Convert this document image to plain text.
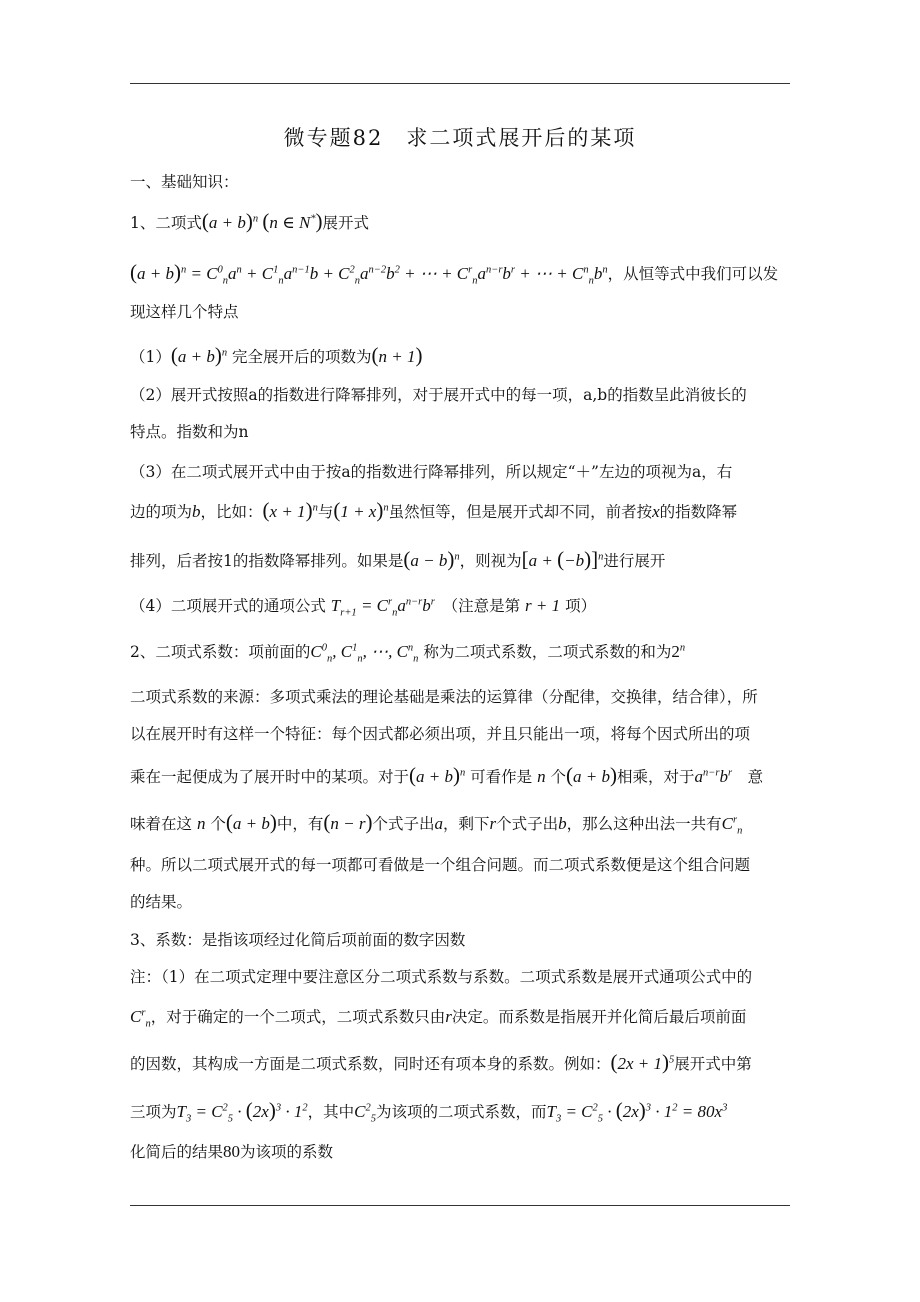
微专题82　求二项式展开后的某项
一、基础知识：
1、二项式$(a + b)^n$ (n ∈ N*)展开式
$(a + b)^n = C^0_na^n + C^1_na^{n-1}b + C^2_na^{n-2}b^2$ + ⋯ + $C^r_na^{n-r}b^r$ + ⋯ + $C^n_nb^n$，从恒等式中我们可以发
现这样几个特点
$(1)(a + b)^n$ 完全展开后的项数为(n + 1)
（2）展开式按照a的指数进行降幂排列，对于展开式中的每一项，a,b的指数呈此消彼长的
特点。指数和为n
（3）在二项式展开式中由于按a的指数进行降幂排列，所以规定“＋”左边的项视为a，右
边的项为b，比如：$(x + 1)^n$与$(1 + x)^n$虽然恒等，但是展开式却不同，前者按x的指数降幂
排列，后者按1的指数降幂排列。如果是$(a - b)^n$，则视为$[a + (-b)]^n$进行展开
（4）二项展开式的通项公式 $T_{r+1} = C^r_na^{n-r}b^r$　（注意是第 r + 1 项）
2、二项式系数：项前面的$C^0_n$, $C^1_n$, ⋯, $C^n_n$ 称为二项式系数，二项式系数的和为2$^n$
二项式系数的来源：多项式乘法的理论基础是乘法的运算律（分配律，交换律，结合律），所
以在展开时有这样一个特征：每个因式都必须出项，并且只能出一项，将每个因式所出的项
乘在一起便成为了展开时中的某项。对于$(a + b)^n$ 可看作是 n 个(a + b)相乘，对于$a^{n-r}b^r$　意
味着在这 n 个(a + b)中，有(n − r)个式子出a，剩下r个式子出b，那么这种出法一共有$C^r_n$
种。所以二项式展开式的每一项都可看做是一个组合问题。而二项式系数便是这个组合问题
的结果。
3、系数：是指该项经过化简后项前面的数字因数
注：（1）在二项式定理中要注意区分二项式系数与系数。二项式系数是展开式通项公式中的
$C^r_n$，对于确定的一个二项式，二项式系数只由r决定。而系数是指展开并化简后最后项前面
的因数，其构成一方面是二项式系数，同时还有项本身的系数。例如：$(2x + 1)^5$展开式中第
三项为$T_3 = C^2_5 \cdot (2x)^3 \cdot 1^2$，其中$C^2_5$为该项的二项式系数，而$T_3 = C^2_5 \cdot (2x)^3 \cdot 1^2 = 80x^3$
化简后的结果80为该项的系数
